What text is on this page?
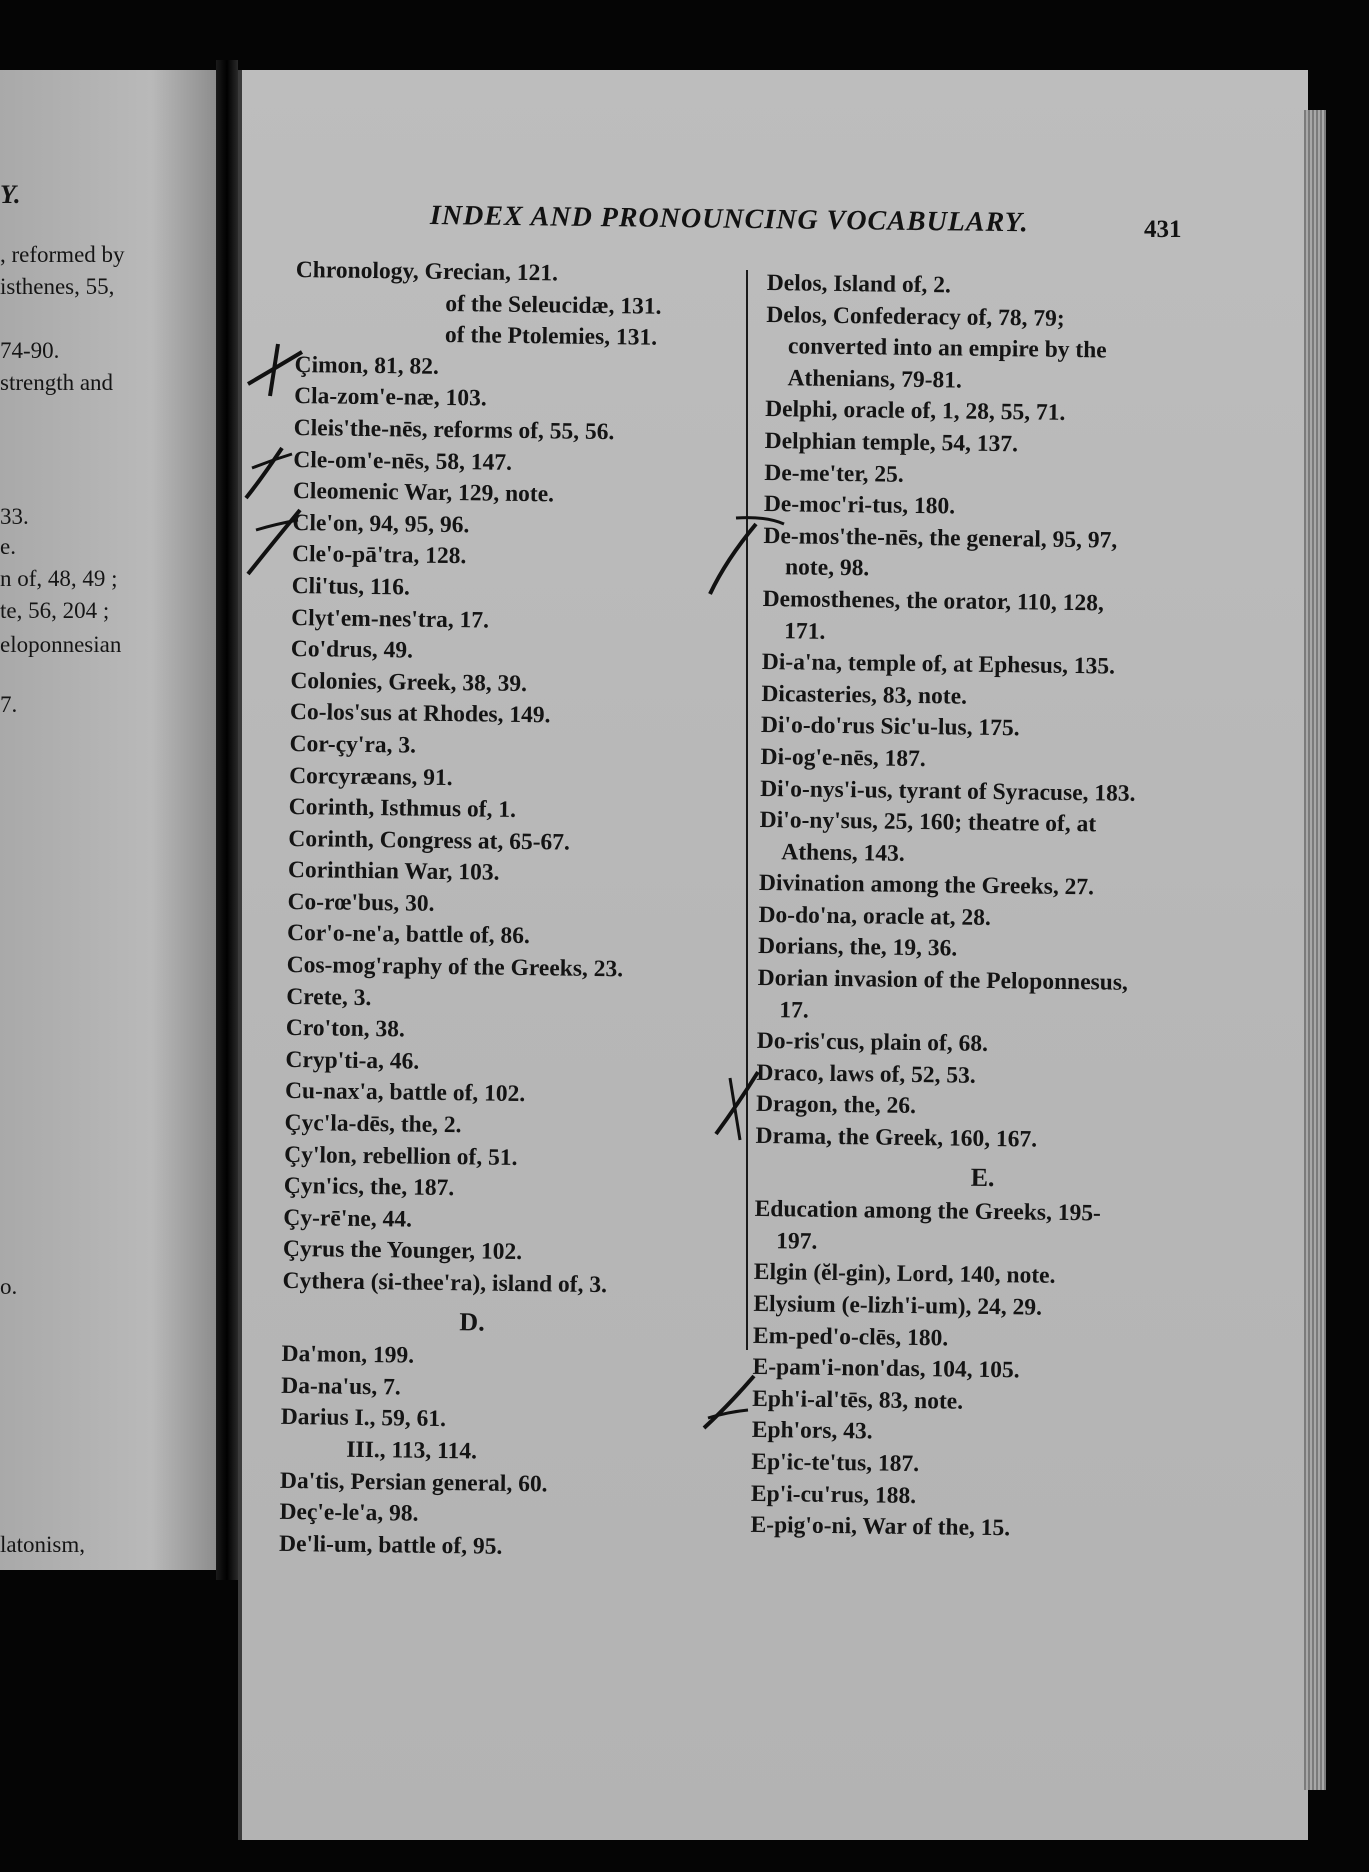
Y.
, reformed by
isthenes, 55,
74-90.
strength and
33.
e.
n of, 48, 49 ;
te, 56, 204 ;
eloponnesian
7.
o.
latonism,
INDEX AND PRONOUNCING VOCABULARY.	431
Chronology, Grecian, 121.
of the Seleucidæ, 131.
of the Ptolemies, 131.
Çimon, 81, 82.
Cla-zom'e-næ, 103.
Cleis'the-nēs, reforms of, 55, 56.
Cle-om'e-nēs, 58, 147.
Cleomenic War, 129, note.
Cle'on, 94, 95, 96.
Cle'o-pā'tra, 128.
Cli'tus, 116.
Clyt'em-nes'tra, 17.
Co'drus, 49.
Colonies, Greek, 38, 39.
Co-los'sus at Rhodes, 149.
Cor-çy'ra, 3.
Corcyræans, 91.
Corinth, Isthmus of, 1.
Corinth, Congress at, 65-67.
Corinthian War, 103.
Co-rœ'bus, 30.
Cor'o-ne'a, battle of, 86.
Cos-mog'raphy of the Greeks, 23.
Crete, 3.
Cro'ton, 38.
Cryp'ti-a, 46.
Cu-nax'a, battle of, 102.
Çyc'la-dēs, the, 2.
Çy'lon, rebellion of, 51.
Çyn'ics, the, 187.
Çy-rē'ne, 44.
Çyrus the Younger, 102.
Cythera (si-thee'ra), island of, 3.
D.
Da'mon, 199.
Da-na'us, 7.
Darius I., 59, 61.
III., 113, 114.
Da'tis, Persian general, 60.
Deç'e-le'a, 98.
De'li-um, battle of, 95.
Delos, Island of, 2.
Delos, Confederacy of, 78, 79;
converted into an empire by the
Athenians, 79-81.
Delphi, oracle of, 1, 28, 55, 71.
Delphian temple, 54, 137.
De-me'ter, 25.
De-moc'ri-tus, 180.
De-mos'the-nēs, the general, 95, 97,
note, 98.
Demosthenes, the orator, 110, 128,
171.
Di-a'na, temple of, at Ephesus, 135.
Dicasteries, 83, note.
Di'o-do'rus Sic'u-lus, 175.
Di-og'e-nēs, 187.
Di'o-nys'i-us, tyrant of Syracuse, 183.
Di'o-ny'sus, 25, 160; theatre of, at
Athens, 143.
Divination among the Greeks, 27.
Do-do'na, oracle at, 28.
Dorians, the, 19, 36.
Dorian invasion of the Peloponnesus,
17.
Do-ris'cus, plain of, 68.
Draco, laws of, 52, 53.
Dragon, the, 26.
Drama, the Greek, 160, 167.
E.
Education among the Greeks, 195-
197.
Elgin (ĕl-gin), Lord, 140, note.
Elysium (e-lizh'i-um), 24, 29.
Em-ped'o-clēs, 180.
E-pam'i-non'das, 104, 105.
Eph'i-al'tēs, 83, note.
Eph'ors, 43.
Ep'ic-te'tus, 187.
Ep'i-cu'rus, 188.
E-pig'o-ni, War of the, 15.
